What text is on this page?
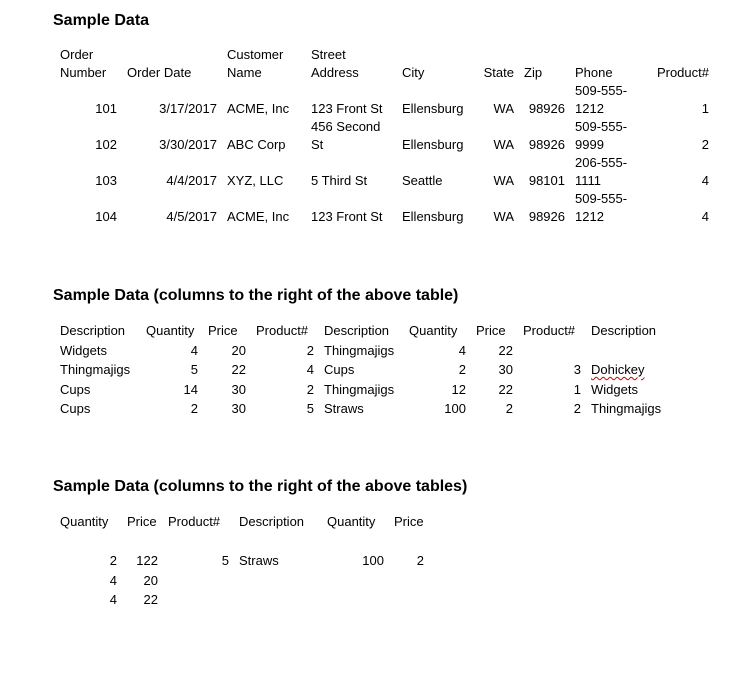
Sample Data
Order		Customer	Street					
Number	Order Date	Name	Address	City	State	Zip	Phone	Product#
							509-555-	
101	3/17/2017	ACME, Inc	123 Front St	Ellensburg	WA	98926	1212	1
			456 Second				509-555-	
102	3/30/2017	ABC Corp	St	Ellensburg	WA	98926	9999	2
							206-555-	
103	4/4/2017	XYZ, LLC	5 Third St	Seattle	WA	98101	1111	4
							509-555-	
104	4/5/2017	ACME, Inc	123 Front St	Ellensburg	WA	98926	1212	4
Sample Data (columns to the right of the above table)
Description	Quantity	Price	Product#	Description	Quantity	Price	Product#	Description
Widgets	4	20	2	Thingmajigs	4	22		
Thingmajigs	5	22	4	Cups	2	30	3	Dohickey
Cups	14	30	2	Thingmajigs	12	22	1	Widgets
Cups	2	30	5	Straws	100	2	2	Thingmajigs
Sample Data (columns to the right of the above tables)
Quantity	Price	Product#	Description	Quantity	Price

2	122	5	Straws	100	2
4	20				
4	22				
